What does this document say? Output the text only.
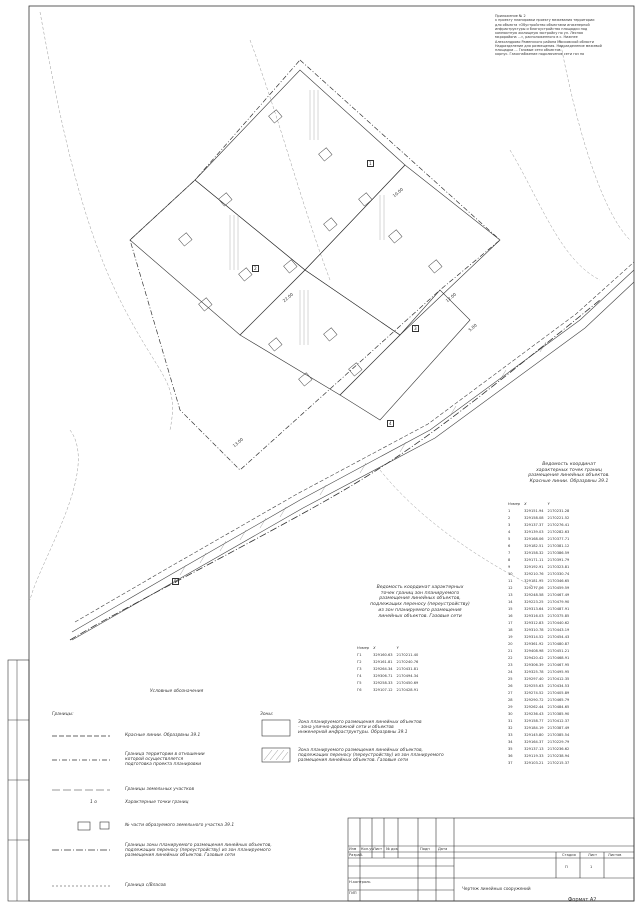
1
2
3
4
5
10.00
22.00	12.00
13.00
5.00
Приложение № 2
к проекту планировки проекту межевания территории
для объекта «Обустройство объектами инженерной
инфраструктуры и благоустройство площадки под
компактную жилищную застройку по ул. Лесная
мкрорайона ...», расположенного в с. Нижнее
Александрово Раменского района Московской области
Надразделение для размещения. Надразделение межевой
площадки ... Газовые сети объектов
корпус. Газоснабжение подключение сети газ на
Ведомость координат
характерных точек границ
размещения линейных объектов.
Красные линии. Образрвны 39.1
Номер	X	Y
1	329151.94	2170231.28
2	329158.08	2170221.52
3	329137.37	2170276.41
4	329139.03	2170282.63
5	329168.06	2170377.71
6	329182.51	2170381.12
7	329158.32	2170386.59
8	329171.11	2170391.79
9	329192.91	2170323.81
10	329210.76	2170330.74
11	329181.95	2170346.65
12	329277.06	2170459.59
13	329248.58	2170467.49
14	329223.25	2170479.90
15	329313.64	2170487.91
16	329316.03	2170375.85
17	329312.83	2170440.62
18	329310.78	2170443.19
19	329314.52	2170454.43
20	329361.92	2170480.87
21	329408.98	2170451.21
22	329420.42	2170468.91
23	329306.39	2170467.95
24	329325.78	2170495.95
25	329297.40	2170412.35
26	329255.63	2170434.53
27	329274.52	2170405.89
28	329290.72	2170465.79
29	329262.44	2170484.65
30	329236.43	2170385.90
31	329158.77	2170412.37
32	329184.19	2170387.49
33	329145.80	2170385.54
34	329164.37	2170229.79
35	329137.13	2170236.62
36	329119.33	2170238.94
37	329103.21	2170215.37
Ведомость координат характерных
точек границ зон планируемого
размещения линейных объектов,
подлежащих переносу (переустройству)
из зон планируемого размещения
линейных объектов. Газовые сети
Номер	X	Y
Г1	329160.63	2170211.40
Г2	329161.81	2170240.76
Г3	329264.34	2170431.81
Г4	329306.71	2170494.34
Г5	329258.33	2170450.69
Г6	329107.12	2170428.91
Условные обозначения
Границы:	Зоны:
Красные линии. Образрвны 39.1
Граница территории в отношении
которой осуществляется
подготовка проекта планировки
Границы земельных участков
1 o	Характерные точки границ
№ части образуемого земельного участка 39.1
Границы зоны планируемого размещения линейных объектов,
подлежащих переносу (переустройству) из зон планируемого
размещения линейных объектов. Газовые сети
Граница с/Власов
Зона планируемого размещения линейных объектов
- зона улично-дорожной сети и объектов
инженерной инфраструктуры. Образрвны 39.1
Зона планируемого размещения линейных объектов,
подлежащих переносу (переустройству) из зон планируемого
размещения линейных объектов. Газовые сети
Изм Кол.уч Лист № док	Подп Дата
Разраб.
Н.контроль
ГИП
Стадия	Лист	Листов
П	1
Чертеж линейных сооружений
Формат А2
